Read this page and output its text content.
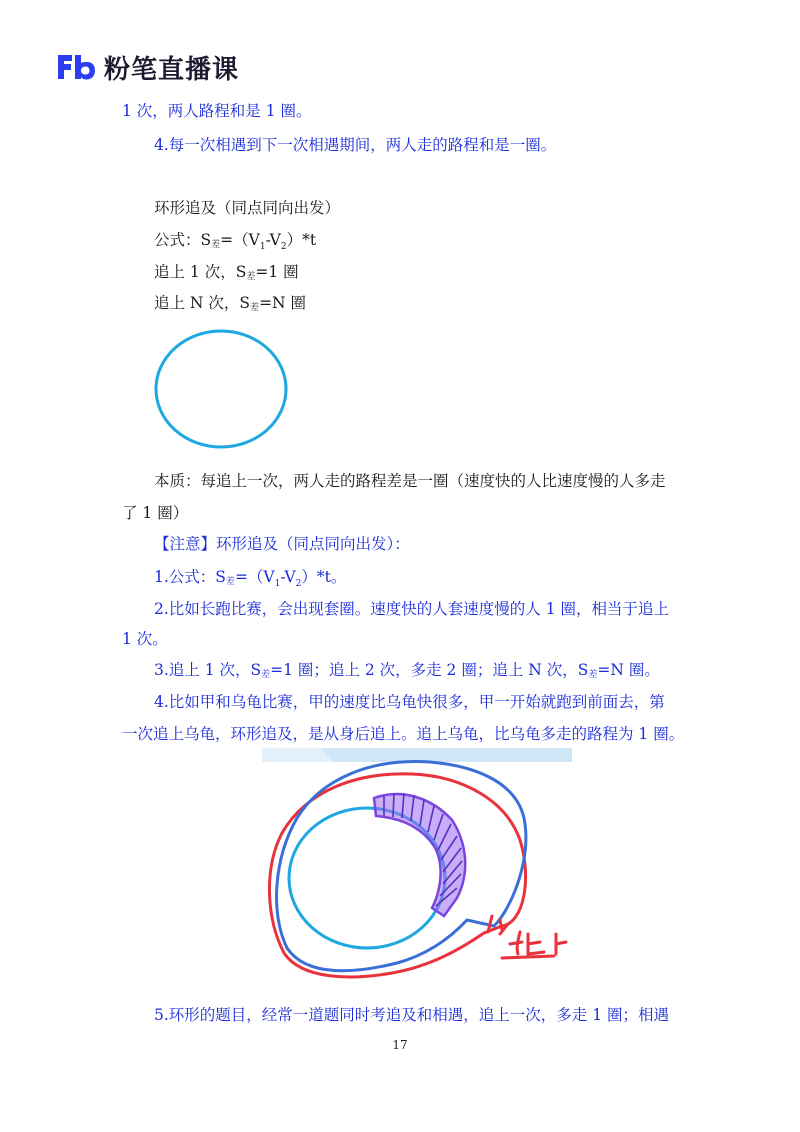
粉笔直播课
1 次，两人路程和是 1 圈。
4.每一次相遇到下一次相遇期间，两人走的路程和是一圈。
环形追及（同点同向出发）
公式：S差$=(V_1-V_2)*t$
追上 1 次，S差=1 圈
追上 N 次，S差=N 圈
本质：每追上一次，两人走的路程差是一圈（速度快的人比速度慢的人多走
了 1 圈）
【注意】环形追及（同点同向出发）：
1.公式：S差$=(V_1-V_2)*t$。
2.比如长跑比赛，会出现套圈。速度快的人套速度慢的人 1 圈，相当于追上
1 次。
3.追上 1 次，S差=1 圈；追上 2 次，多走 2 圈；追上 N 次，S差=N 圈。
4.比如甲和乌龟比赛，甲的速度比乌龟快很多，甲一开始就跑到前面去，第
一次追上乌龟，环形追及，是从身后追上。追上乌龟，比乌龟多走的路程为 1 圈。
5.环形的题目，经常一道题同时考追及和相遇，追上一次，多走 1 圈；相遇
17
